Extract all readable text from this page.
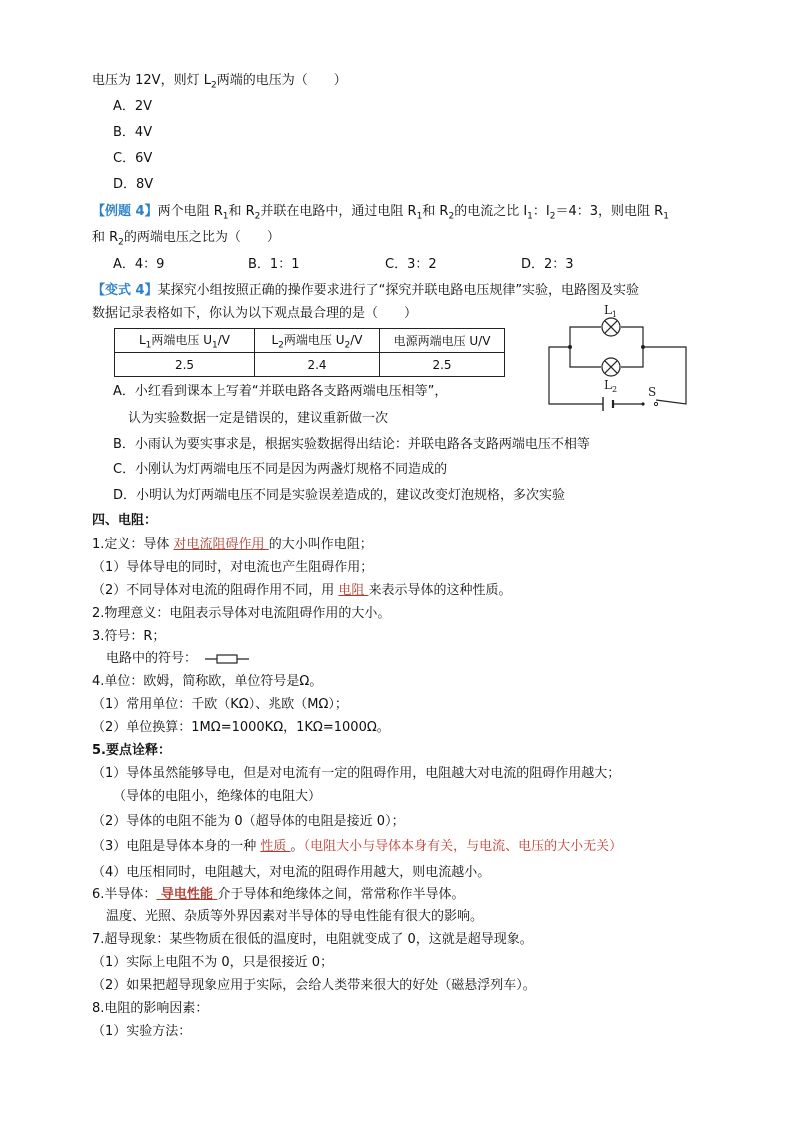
电压为 12V，则灯 $L_2$两端的电压为（　　）
A．2V
B．4V
C．6V
D．8V
【例题 4】两个电阻 $R_1$和 $R_2$并联在电路中，通过电阻 $R_1$和 $R_2$的电流之比 $I_1$：$I_2=4$：3，则电阻 $R_1$
和 $R_2$的两端电压之比为（　　）
A．4：9	B．1：1	C．3：2	D．2：3
【变式 4】某探究小组按照正确的操作要求进行了“探究并联电路电压规律”实验，电路图及实验
数据记录表格如下，你认为以下观点最合理的是（　　）
$L_1$两端电压 $U_1/V$	$L_2$两端电压 $U_2/V$	电源两端电压 U/V
2.5	2.4	2.5
$L_1$
$L_2$	S
A．小红看到课本上写着“并联电路各支路两端电压相等”，
认为实验数据一定是错误的，建议重新做一次
B．小雨认为要实事求是，根据实验数据得出结论：并联电路各支路两端电压不相等
C．小刚认为灯两端电压不同是因为两盏灯规格不同造成的
D．小明认为灯两端电压不同是实验误差造成的，建议改变灯泡规格，多次实验
四、电阻：
1.定义：导体 对电流阻碍作用 的大小叫作电阻；
（1）导体导电的同时，对电流也产生阻碍作用；
（2）不同导体对电流的阻碍作用不同，用 电阻 来表示导体的这种性质。
2.物理意义：电阻表示导体对电流阻碍作用的大小。
3.符号：R；
电路中的符号：
4.单位：欧姆，简称欧，单位符号是Ω。
（1）常用单位：千欧（KΩ）、兆欧（MΩ）；
（2）单位换算：1MΩ=1000KΩ，1KΩ=1000Ω。
5.要点诠释：
（1）导体虽然能够导电，但是对电流有一定的阻碍作用，电阻越大对电流的阻碍作用越大；
（导体的电阻小，绝缘体的电阻大）
（2）导体的电阻不能为 0（超导体的电阻是接近 0）；
（3）电阻是导体本身的一种 性质 。（电阻大小与导体本身有关，与电流、电压的大小无关）
（4）电压相同时，电阻越大，对电流的阻碍作用越大，则电流越小。
6.半导体： 导电性能 介于导体和绝缘体之间，常常称作半导体。
温度、光照、杂质等外界因素对半导体的导电性能有很大的影响。
7.超导现象：某些物质在很低的温度时，电阻就变成了 0，这就是超导现象。
（1）实际上电阻不为 0，只是很接近 0；
（2）如果把超导现象应用于实际，会给人类带来很大的好处（磁悬浮列车）。
8.电阻的影响因素：
（1）实验方法：
